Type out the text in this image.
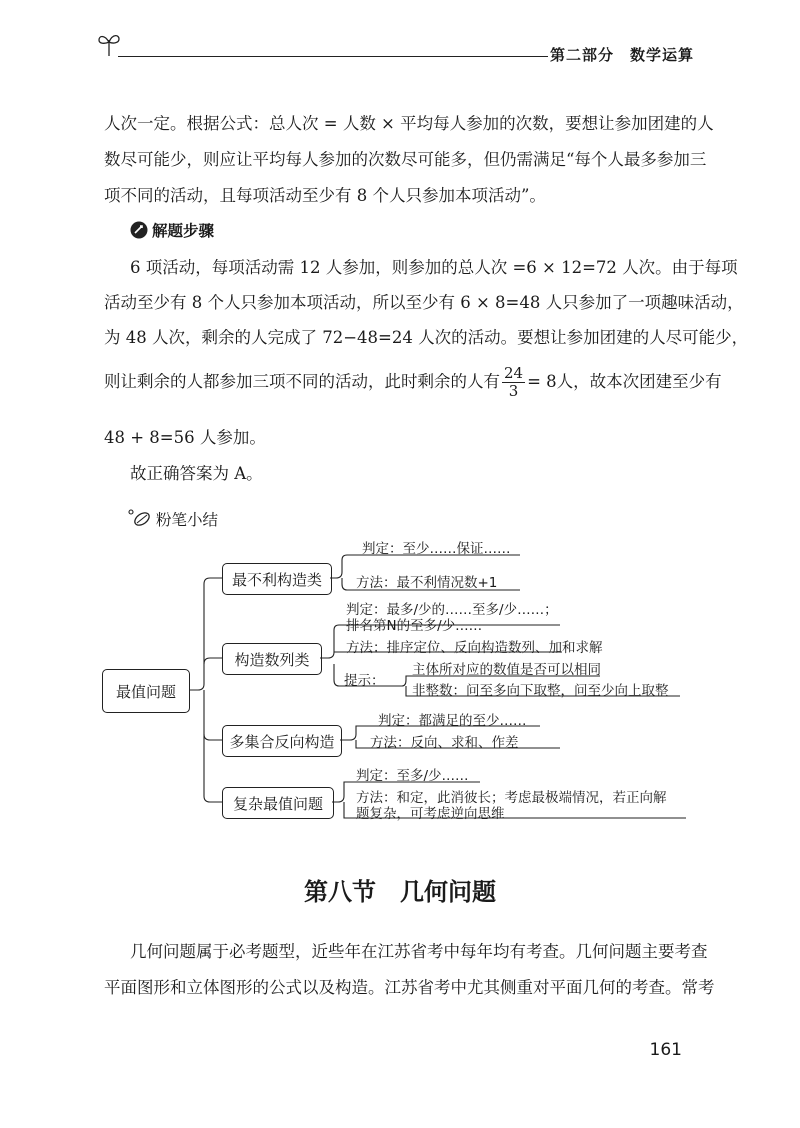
第二部分　数学运算
人次一定。根据公式：总人次 = 人数 × 平均每人参加的次数，要想让参加团建的人
数尽可能少，则应让平均每人参加的次数尽可能多，但仍需满足“每个人最多参加三
项不同的活动，且每项活动至少有 8 个人只参加本项活动”。
解题步骤
6 项活动，每项活动需 12 人参加，则参加的总人次 =6 × 12=72 人次。由于每项
活动至少有 8 个人只参加本项活动，所以至少有 6 × 8=48 人只参加了一项趣味活动，
为 48 人次，剩余的人完成了 72−48=24 人次的活动。要想让参加团建的人尽可能少，
则让剩余的人都参加三项不同的活动，此时剩余的人有 $\frac{24}{3} = 8$人，故本次团建至少有
48 + 8=56 人参加。
故正确答案为 A。
粉笔小结
最值问题
最不利构造类
判定：至少……保证……
方法：最不利情况数+1
构造数列类
判定：最多/少的……至多/少……；
排名第N的至多/少……
方法：排序定位、反向构造数列、加和求解
提示：
主体所对应的数值是否可以相同
非整数：问至多向下取整，问至少向上取整
多集合反向构造
判定：都满足的至少……
方法：反向、求和、作差
复杂最值问题
判定：至多/少……
方法：和定，此消彼长；考虑最极端情况，若正向解
题复杂，可考虑逆向思维
第八节　几何问题
几何问题属于必考题型，近些年在江苏省考中每年均有考查。几何问题主要考查
平面图形和立体图形的公式以及构造。江苏省考中尤其侧重对平面几何的考查。常考
161
